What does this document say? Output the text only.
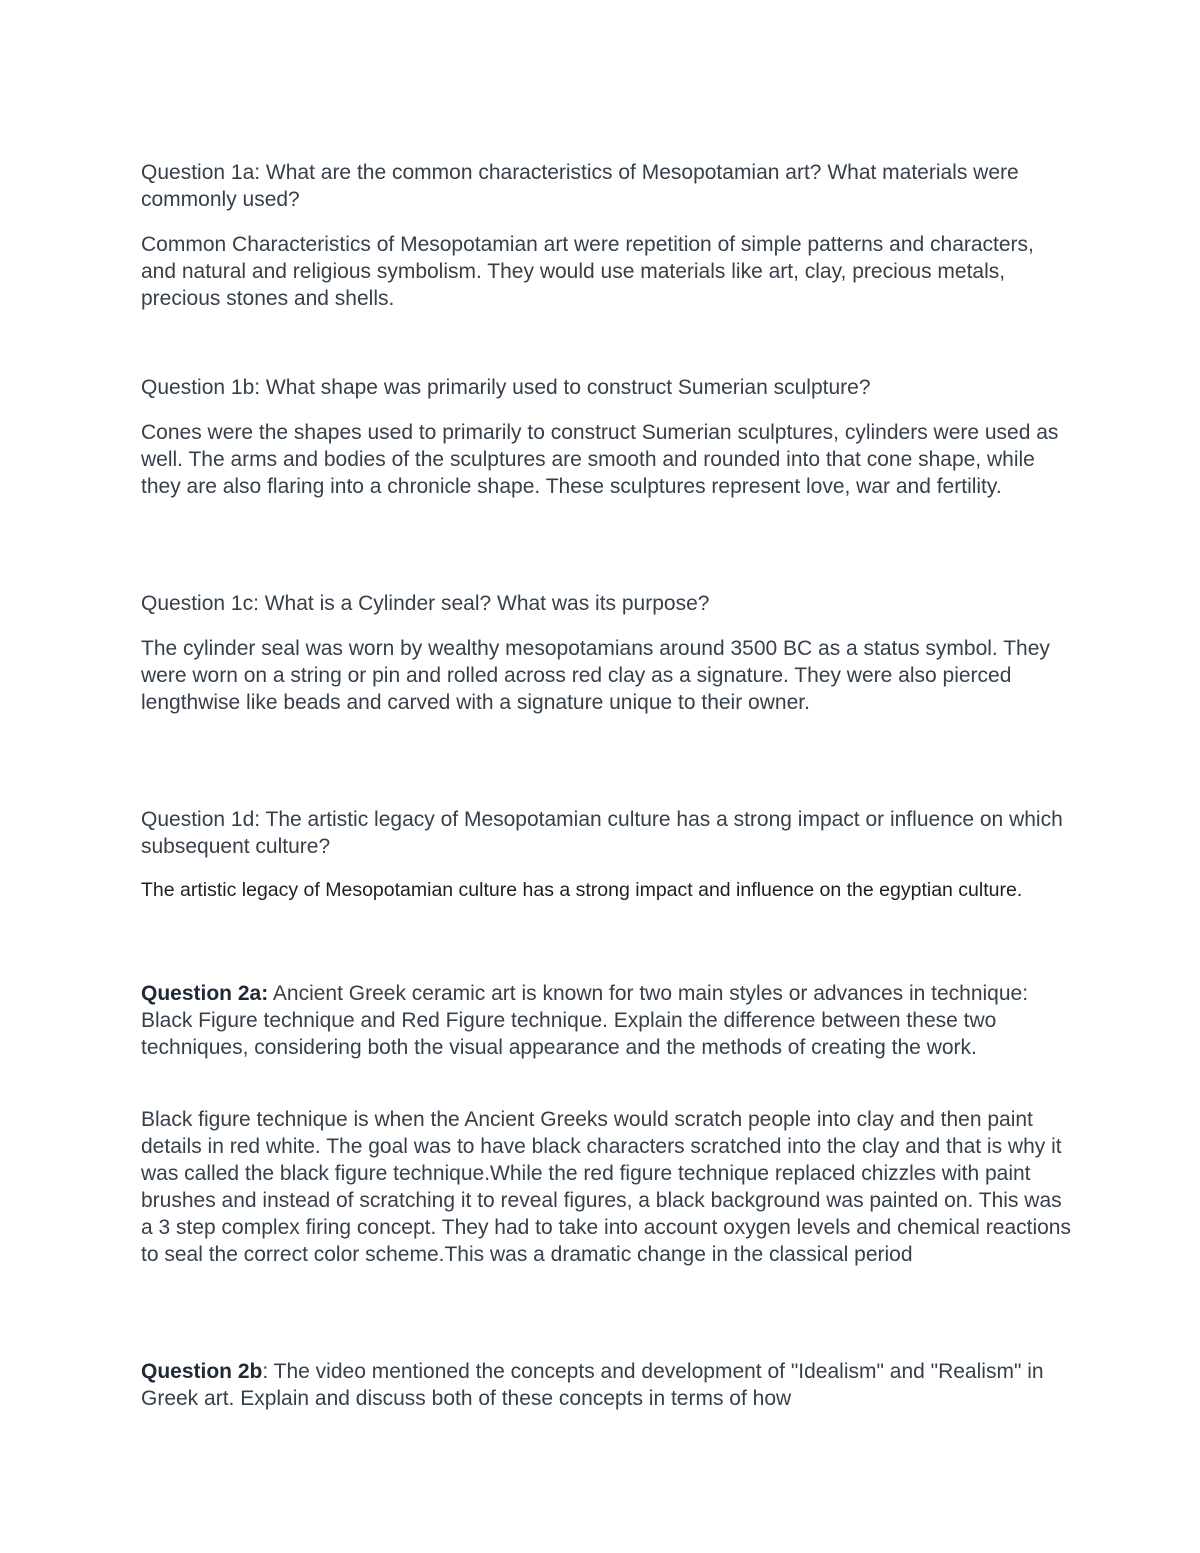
Question 1a: What are the common characteristics of Mesopotamian art? What materials were commonly used?

Common Characteristics of Mesopotamian art were repetition of simple patterns and characters, and natural and religious symbolism. They would use materials like art, clay, precious metals, precious stones and shells.

Question 1b: What shape was primarily used to construct Sumerian sculpture?

Cones were the shapes used to primarily to construct Sumerian sculptures, cylinders were used as well. The arms and bodies of the sculptures are smooth and rounded into that cone shape, while they are also flaring into a chronicle shape. These sculptures represent love, war and fertility.

Question 1c: What is a Cylinder seal? What was its purpose?

The cylinder seal was worn by wealthy mesopotamians around 3500 BC as a status symbol. They were worn on a string or pin and rolled across red clay as a signature. They were also pierced lengthwise like beads and carved with a signature unique to their owner.

Question 1d: The artistic legacy of Mesopotamian culture has a strong impact or influence on which subsequent culture?

The artistic legacy of Mesopotamian culture has a strong impact and influence on the egyptian culture.

Question 2a: Ancient Greek ceramic art is known for two main styles or advances in technique: Black Figure technique and Red Figure technique. Explain the difference between these two techniques, considering both the visual appearance and the methods of creating the work.

Black figure technique is when the Ancient Greeks would scratch people into clay and then paint details in red white. The goal was to have black characters scratched into the clay and that is why it was called the black figure technique.While the red figure technique replaced chizzles with paint brushes and instead of scratching it to reveal figures, a black background was painted on. This was a 3 step complex firing concept. They had to take into account oxygen levels and chemical reactions to seal the correct color scheme.This was a dramatic change in the classical period

Question 2b: The video mentioned the concepts and development of "Idealism" and "Realism" in Greek art. Explain and discuss both of these concepts in terms of how
